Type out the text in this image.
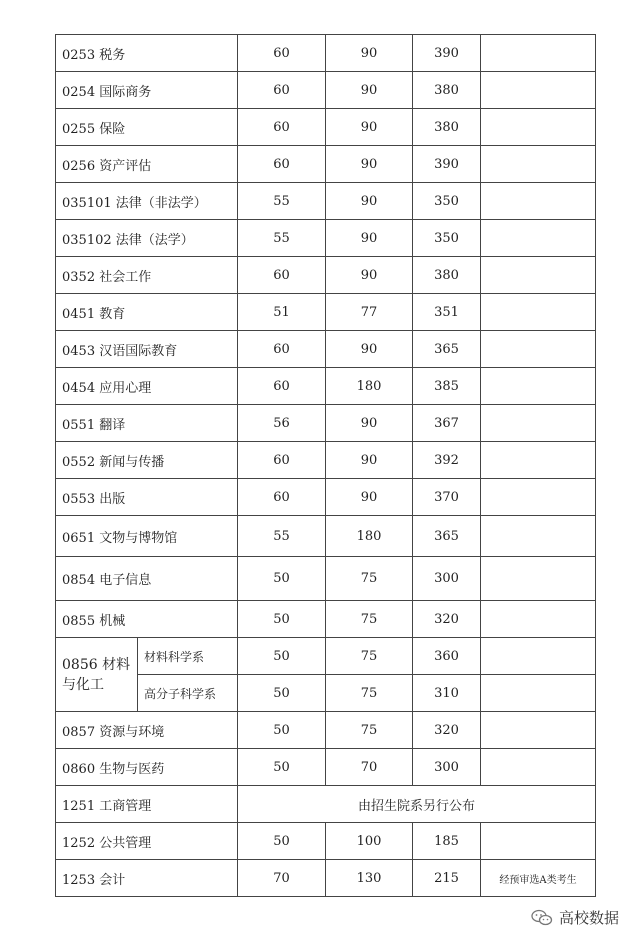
0253 税务		60	90	390	
0254 国际商务		60	90	380	
0255 保险		60	90	380	
0256 资产评估		60	90	390	
035101 法律（非法学）		55	90	350	
035102 法律（法学）		55	90	350	
0352 社会工作		60	90	380	
0451 教育		51	77	351	
0453 汉语国际教育		60	90	365	
0454 应用心理		60	180	385	
0551 翻译		56	90	367	
0552 新闻与传播		60	90	392	
0553 出版		60	90	370	
0651 文物与博物馆		55	180	365	
0854 电子信息		50	75	300	
0855 机械		50	75	320	
0856 材料与化工	材料科学系	50	75	360	
	高分子科学系	50	75	310	
0857 资源与环境		50	75	320	
0860 生物与医药		50	70	300	
1251 工商管理		由招生院系另行公布			
1252 公共管理		50	100	185	
1253 会计		70	130	215	经预审选A类考生
高校数据
